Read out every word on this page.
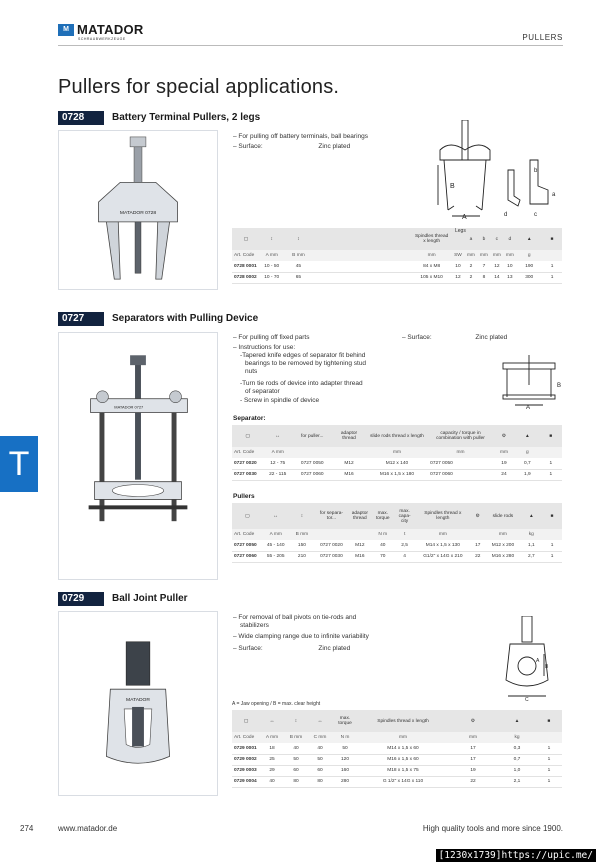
M MATADOR
SCHRAUBWERKZEUGE	PULLERS
Pullers for special applications.
0728	Battery Terminal Pullers, 2 legs
MATADOR 0728
– For pulling off battery terminals, ball bearings
– Surface:	Zinc plated
B
A
b
a
d	c
▢	↕	↕		Spindles thread x length		a	b	c	d	▲	■
Art. Code	A mm	B mm		mm	SW	mm	mm	mm	mm	g	
0728 0001	10 - 50	45		84 x M8	10	2	7	12	10	190	1
0728 0002	10 - 70	65		105 x M10	12	2	8	14	13	300	1
Legs
0727	Separators with Pulling Device
MATADOR 0727
– For pulling off fixed parts
– Instructions for use:
-Tapered knife edges of separator fit behind
bearings to be removed by tightening stud
nuts
-Turn tie rods of device into adapter thread
of separator
- Screw in spindle of device
– Surface:	Zinc plated
B
A
Separator:
▢	↔	for puller...	adaptor thread	slide rods thread x length	capacity / torque in combination with puller	⚙	▲	■
Art. Code	A mm			mm	mm	mm	g	
0727 0020	12 - 75	0727 0050	M12	M12 x 140	0727 0050	19	0,7	1
0727 0030	22 - 115	0727 0060	M16	M16 x 1,5 x 180	0727 0060	24	1,9	1
Pullers
▢	↔	↕	for separa- tor...	adaptor thread	max. torque	max. capa- city	Spindles thread x length	⚙	slide rods	▲	■
Art. Code	A mm	B mm			N m	t	mm		mm	kg	
0727 0050	45 - 140	150	0727 0020	M12	40	2,5	M14 x 1,5 x 130	17	M12 x 200	1,1	1
0727 0060	55 - 205	210	0727 0030	M16	70	4	G1/2" x 14G x 210	22	M16 x 280	2,7	1
0729	Ball Joint Puller
MATADOR
– For removal of ball pivots on tie-rods and
stabilizers
– Wide clamping range due to infinite variability
– Surface:	Zinc plated
B
C
A
A = Jaw opening / B = max. clear height
▢	↔	↕	↔	max. torque	Spindles thread x length	⚙	▲	■
Art. Code	A mm	B mm	C mm	N m	mm	mm	kg	
0729 0001	18	40	40	50	M14 x 1,5 x 60	17	0,3	1
0729 0002	25	50	50	120	M16 x 1,5 x 60	17	0,7	1
0729 0003	29	60	60	160	M18 x 1,5 x 75	19	1,0	1
0729 0004	40	80	80	280	G 1/2" x 14G x 110	22	2,1	1
T
274	www.matador.de	High quality tools and more since 1900.
[1230x1739]https://upic.me/
